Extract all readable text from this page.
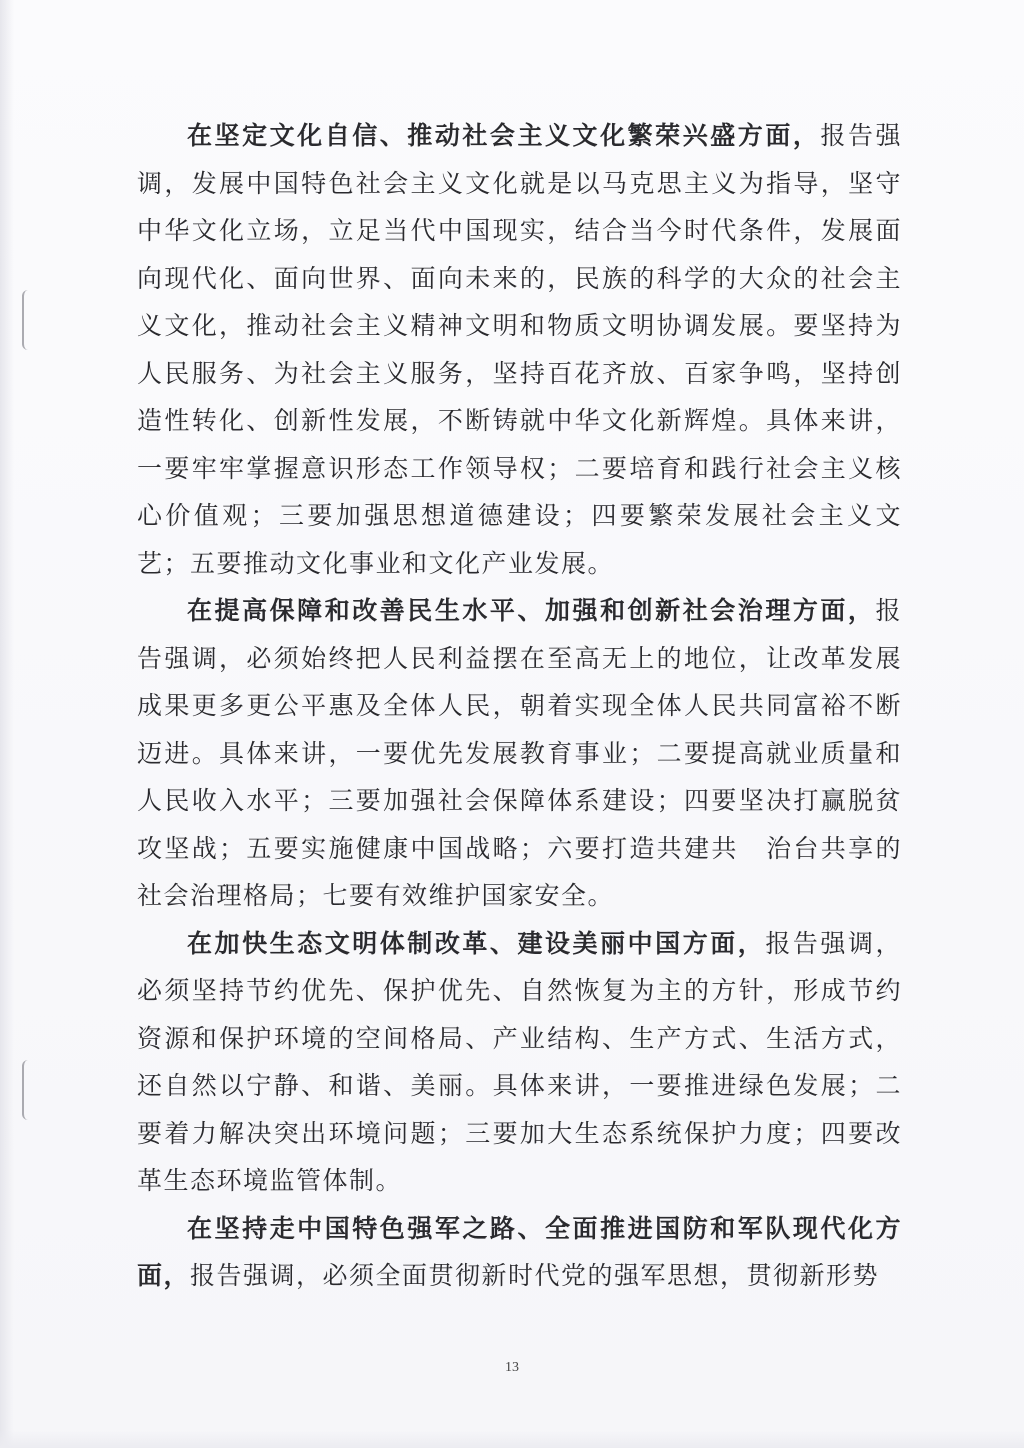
在坚定文化自信、推动社会主义文化繁荣兴盛方面，报告强调，发展中国特色社会主义文化就是以马克思主义为指导，坚守中华文化立场，立足当代中国现实，结合当今时代条件，发展面向现代化、面向世界、面向未来的，民族的科学的大众的社会主义文化，推动社会主义精神文明和物质文明协调发展。要坚持为人民服务、为社会主义服务，坚持百花齐放、百家争鸣，坚持创造性转化、创新性发展，不断铸就中华文化新辉煌。具体来讲，一要牢牢掌握意识形态工作领导权；二要培育和践行社会主义核心价值观；三要加强思想道德建设；四要繁荣发展社会主义文艺；五要推动文化事业和文化产业发展。

在提高保障和改善民生水平、加强和创新社会治理方面，报告强调，必须始终把人民利益摆在至高无上的地位，让改革发展成果更多更公平惠及全体人民，朝着实现全体人民共同富裕不断迈进。具体来讲，一要优先发展教育事业；二要提高就业质量和人民收入水平；三要加强社会保障体系建设；四要坚决打赢脱贫攻坚战；五要实施健康中国战略；六要打造共建共　治台共享的社会治理格局；七要有效维护国家安全。

在加快生态文明体制改革、建设美丽中国方面，报告强调，必须坚持节约优先、保护优先、自然恢复为主的方针，形成节约资源和保护环境的空间格局、产业结构、生产方式、生活方式，还自然以宁静、和谐、美丽。具体来讲，一要推进绿色发展；二要着力解决突出环境问题；三要加大生态系统保护力度；四要改革生态环境监管体制。

在坚持走中国特色强军之路、全面推进国防和军队现代化方面，报告强调，必须全面贯彻新时代党的强军思想，贯彻新形势

13
